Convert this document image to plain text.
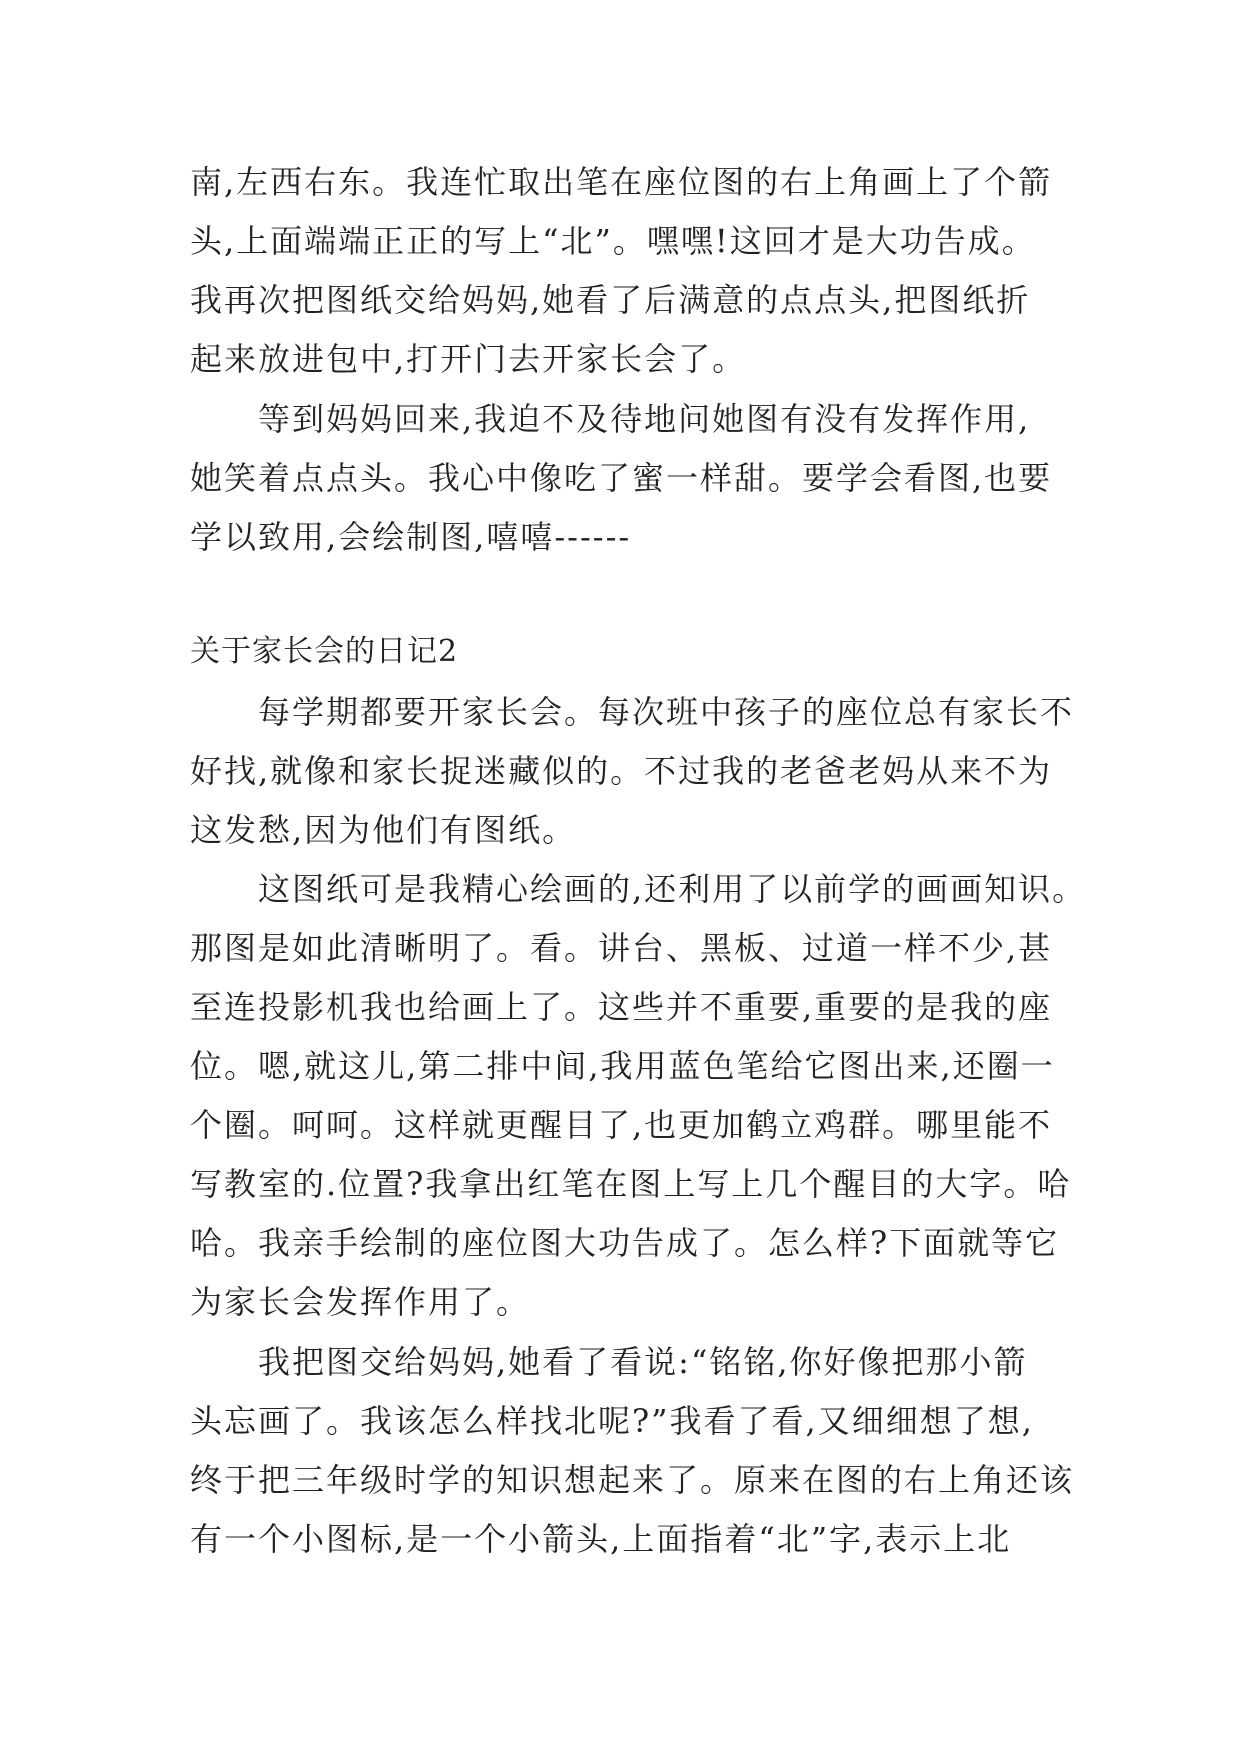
南,左西右东。我连忙取出笔在座位图的右上角画上了个箭

头,上面端端正正的写上“北”。嘿嘿!这回才是大功告成。

我再次把图纸交给妈妈,她看了后满意的点点头,把图纸折

起来放进包中,打开门去开家长会了。

等到妈妈回来,我迫不及待地问她图有没有发挥作用,

她笑着点点头。我心中像吃了蜜一样甜。要学会看图,也要

学以致用,会绘制图,嘻嘻------

关于家长会的日记2

每学期都要开家长会。每次班中孩子的座位总有家长不

好找,就像和家长捉迷藏似的。不过我的老爸老妈从来不为

这发愁,因为他们有图纸。

这图纸可是我精心绘画的,还利用了以前学的画画知识。

那图是如此清晰明了。看。讲台、黑板、过道一样不少,甚

至连投影机我也给画上了。这些并不重要,重要的是我的座

位。嗯,就这儿,第二排中间,我用蓝色笔给它图出来,还圈一

个圈。呵呵。这样就更醒目了,也更加鹤立鸡群。哪里能不

写教室的.位置?我拿出红笔在图上写上几个醒目的大字。哈

哈。我亲手绘制的座位图大功告成了。怎么样?下面就等它

为家长会发挥作用了。

我把图交给妈妈,她看了看说:“铭铭,你好像把那小箭

头忘画了。我该怎么样找北呢?”我看了看,又细细想了想,

终于把三年级时学的知识想起来了。原来在图的右上角还该

有一个小图标,是一个小箭头,上面指着“北”字,表示上北
